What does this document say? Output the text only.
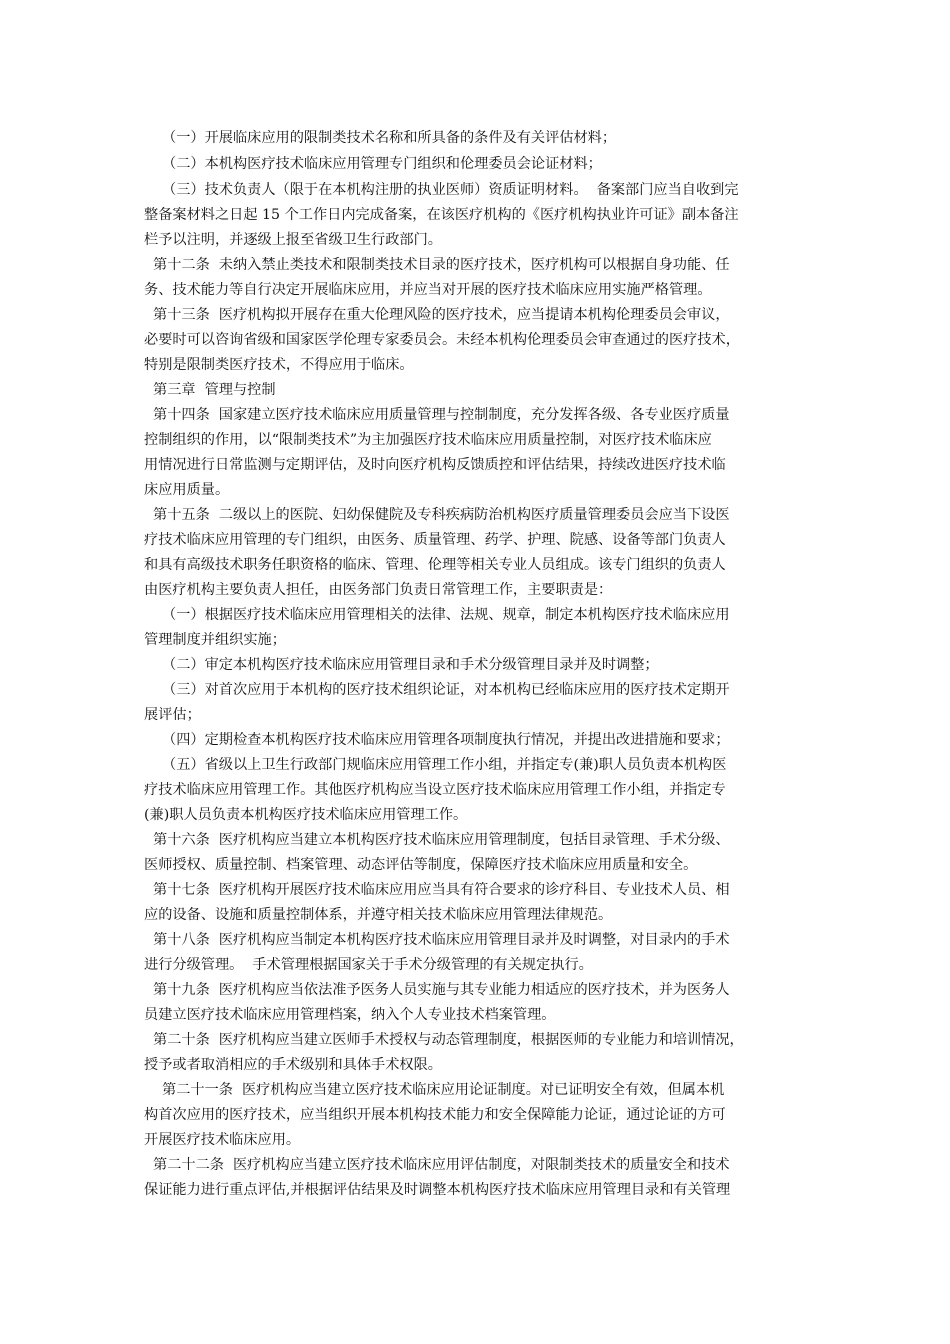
（一）开展临床应用的限制类技术名称和所具备的条件及有关评估材料；
（二）本机构医疗技术临床应用管理专门组织和伦理委员会论证材料；
（三）技术负责人（限于在本机构注册的执业医师）资质证明材料。  备案部门应当自收到完
整备案材料之日起 15 个工作日内完成备案，在该医疗机构的《医疗机构执业许可证》副本备注
栏予以注明，并逐级上报至省级卫生行政部门。
第十二条  未纳入禁止类技术和限制类技术目录的医疗技术，医疗机构可以根据自身功能、任
务、技术能力等自行决定开展临床应用，并应当对开展的医疗技术临床应用实施严格管理。
第十三条  医疗机构拟开展存在重大伦理风险的医疗技术，应当提请本机构伦理委员会审议，
必要时可以咨询省级和国家医学伦理专家委员会。未经本机构伦理委员会审查通过的医疗技术，
特别是限制类医疗技术，不得应用于临床。
第三章  管理与控制
第十四条  国家建立医疗技术临床应用质量管理与控制制度，充分发挥各级、各专业医疗质量
控制组织的作用，以“限制类技术”为主加强医疗技术临床应用质量控制，对医疗技术临床应
用情况进行日常监测与定期评估，及时向医疗机构反馈质控和评估结果，持续改进医疗技术临
床应用质量。
第十五条  二级以上的医院、妇幼保健院及专科疾病防治机构医疗质量管理委员会应当下设医
疗技术临床应用管理的专门组织，由医务、质量管理、药学、护理、院感、设备等部门负责人
和具有高级技术职务任职资格的临床、管理、伦理等相关专业人员组成。该专门组织的负责人
由医疗机构主要负责人担任，由医务部门负责日常管理工作，主要职责是：
（一）根据医疗技术临床应用管理相关的法律、法规、规章，制定本机构医疗技术临床应用
管理制度并组织实施；
（二）审定本机构医疗技术临床应用管理目录和手术分级管理目录并及时调整；
（三）对首次应用于本机构的医疗技术组织论证，对本机构已经临床应用的医疗技术定期开
展评估；
（四）定期检查本机构医疗技术临床应用管理各项制度执行情况，并提出改进措施和要求；
（五）省级以上卫生行政部门规临床应用管理工作小组，并指定专(兼)职人员负责本机构医
疗技术临床应用管理工作。其他医疗机构应当设立医疗技术临床应用管理工作小组，并指定专
(兼)职人员负责本机构医疗技术临床应用管理工作。
第十六条  医疗机构应当建立本机构医疗技术临床应用管理制度，包括目录管理、手术分级、
医师授权、质量控制、档案管理、动态评估等制度，保障医疗技术临床应用质量和安全。
第十七条  医疗机构开展医疗技术临床应用应当具有符合要求的诊疗科目、专业技术人员、相
应的设备、设施和质量控制体系，并遵守相关技术临床应用管理法律规范。
第十八条  医疗机构应当制定本机构医疗技术临床应用管理目录并及时调整，对目录内的手术
进行分级管理。  手术管理根据国家关于手术分级管理的有关规定执行。
第十九条  医疗机构应当依法准予医务人员实施与其专业能力相适应的医疗技术，并为医务人
员建立医疗技术临床应用管理档案，纳入个人专业技术档案管理。
第二十条  医疗机构应当建立医师手术授权与动态管理制度，根据医师的专业能力和培训情况，
授予或者取消相应的手术级别和具体手术权限。
第二十一条  医疗机构应当建立医疗技术临床应用论证制度。对已证明安全有效，但属本机
构首次应用的医疗技术，应当组织开展本机构技术能力和安全保障能力论证，通过论证的方可
开展医疗技术临床应用。
第二十二条  医疗机构应当建立医疗技术临床应用评估制度，对限制类技术的质量安全和技术
保证能力进行重点评估,并根据评估结果及时调整本机构医疗技术临床应用管理目录和有关管理
